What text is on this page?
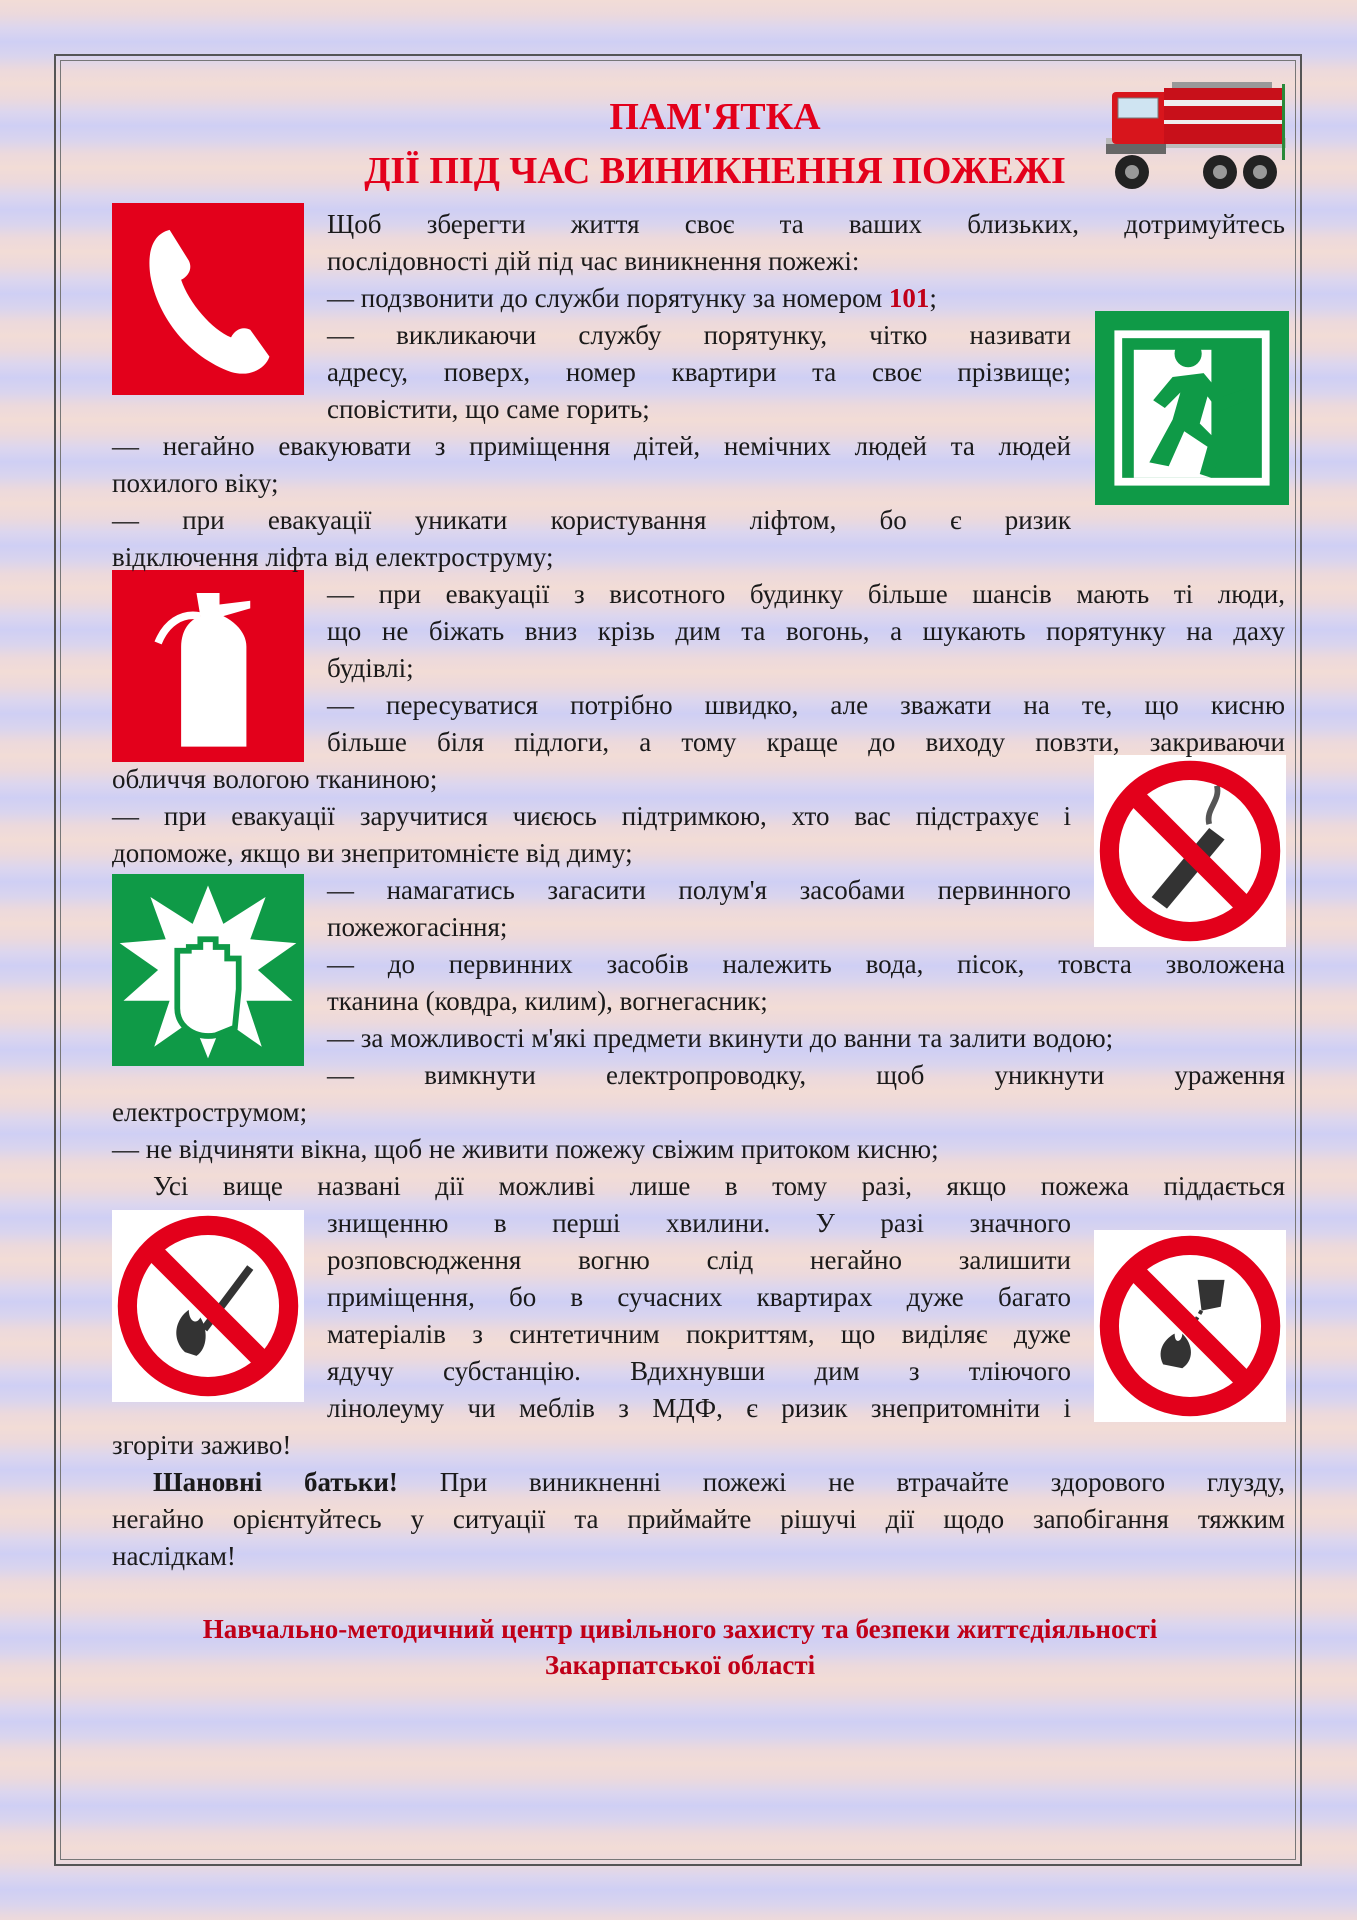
ПАМ'ЯТКА
ДІЇ ПІД ЧАС ВИНИКНЕННЯ ПОЖЕЖІ
Щоб зберегти життя своє та ваших близьких, дотримуйтесь
послідовності дій під час виникнення пожежі:
— подзвонити до служби порятунку за номером 101;
— викликаючи службу порятунку, чітко називати
адресу, поверх, номер квартири та своє прізвище;
сповістити, що саме горить;
— негайно евакуювати з приміщення дітей, немічних людей та людей
похилого віку;
— при евакуації уникати користування ліфтом, бо є ризик
відключення ліфта від електроструму;
— при евакуації з висотного будинку більше шансів мають ті люди,
що не біжать вниз крізь дим та вогонь, а шукають порятунку на даху
будівлі;
— пересуватися потрібно швидко, але зважати на те, що кисню
більше біля підлоги, а тому краще до виходу повзти, закриваючи
обличчя вологою тканиною;
— при евакуації заручитися чиєюсь підтримкою, хто вас підстрахує і
допоможе, якщо ви знепритомнієте від диму;
— намагатись загасити полум'я засобами первинного
пожежогасіння;
— до первинних засобів належить вода, пісок, товста зволожена
тканина (ковдра, килим), вогнегасник;
— за можливості м'які предмети вкинути до ванни та залити водою;
— вимкнути електропроводку, щоб уникнути ураження
електрострумом;
— не відчиняти вікна, щоб не живити пожежу свіжим притоком кисню;
Усі вище названі дії можливі лише в тому разі, якщо пожежа піддається
знищенню в перші хвилини. У разі значного
розповсюдження вогню слід негайно залишити
приміщення, бо в сучасних квартирах дуже багато
матеріалів з синтетичним покриттям, що виділяє дуже
ядучу субстанцію. Вдихнувши дим з тліючого
лінолеуму чи меблів з МДФ, є ризик знепритомніти і
згоріти заживо!
Шановні батьки! При виникненні пожежі не втрачайте здорового глузду,
негайно орієнтуйтесь у ситуації та приймайте рішучі дії щодо запобігання тяжким
наслідкам!
Навчально-методичний центр цивільного захисту та безпеки життєдіяльності
Закарпатської області
